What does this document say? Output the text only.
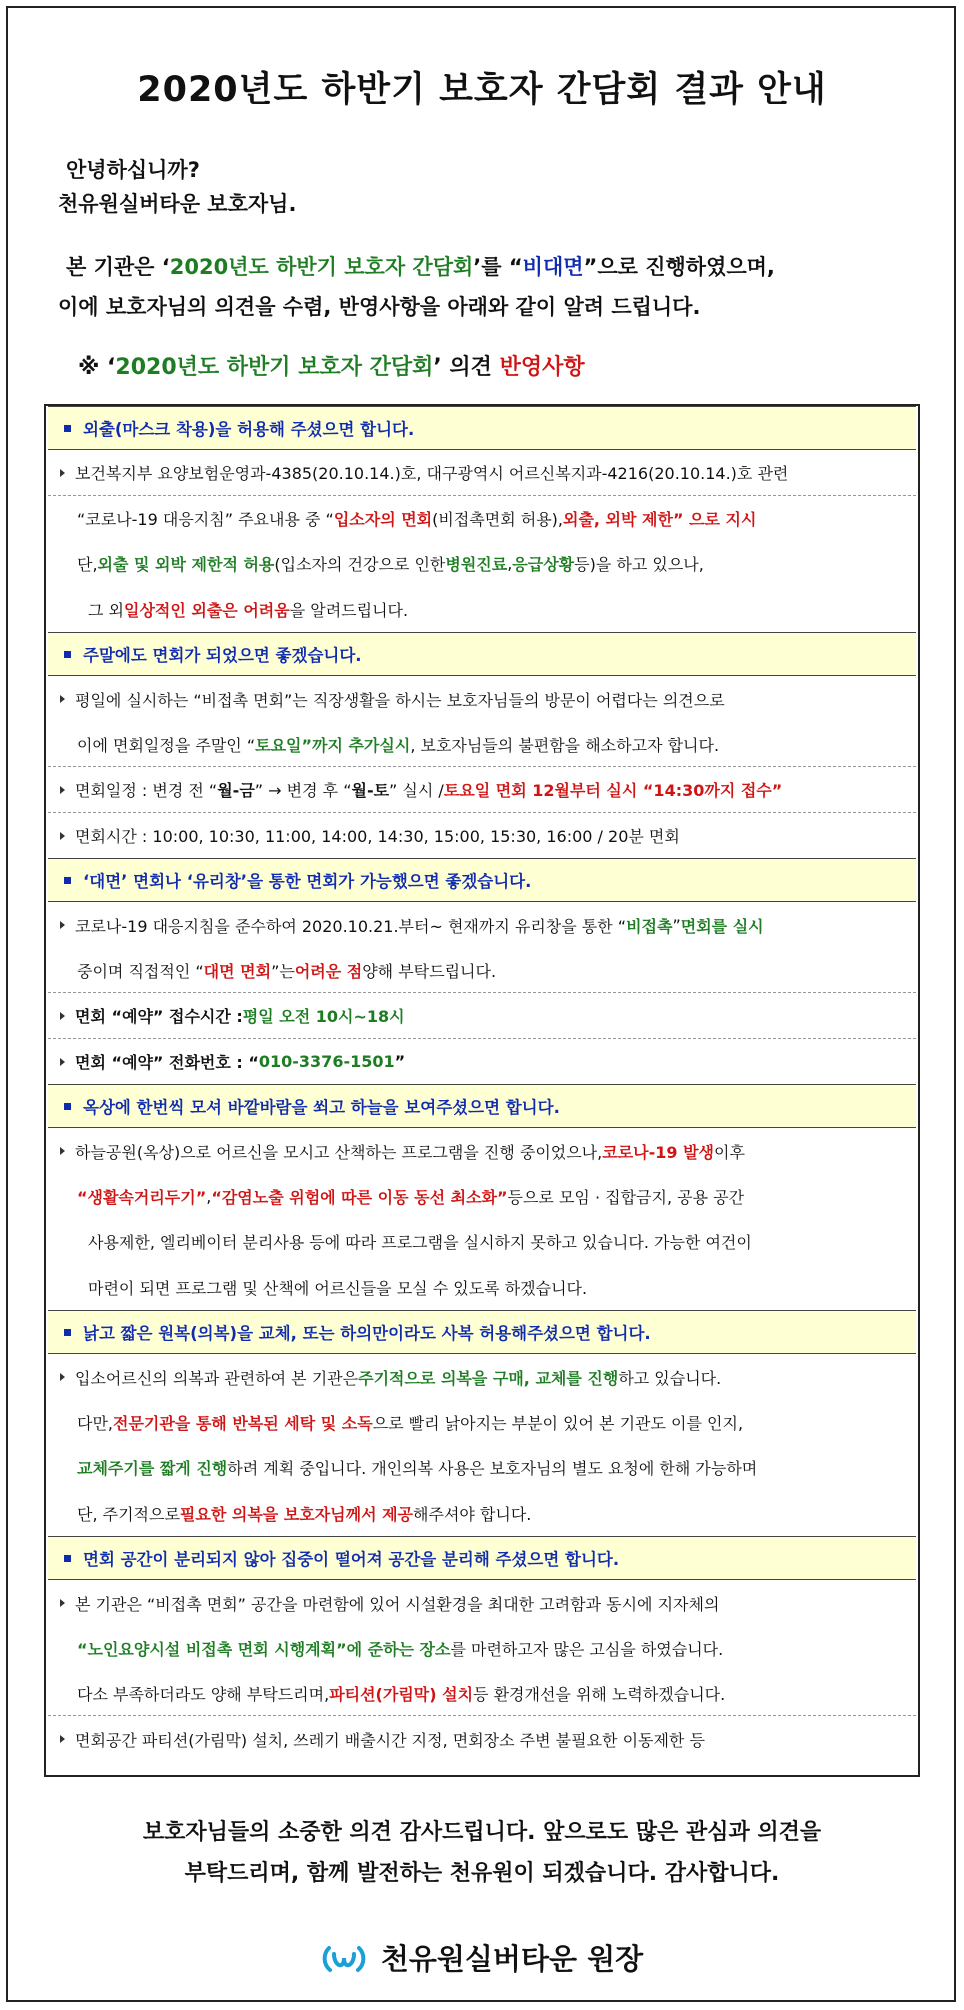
2020년도 하반기 보호자 간담회 결과 안내
안녕하십니까?
천유원실버타운 보호자님.
본 기관은 ‘2020년도 하반기 보호자 간담회’를 “비대면”으로 진행하였으며,
이에 보호자님의 의견을 수렴, 반영사항을 아래와 같이 알려 드립니다.
※ ‘2020년도 하반기 보호자 간담회’ 의견 반영사항
외출(마스크 착용)을 허용해 주셨으면 합니다.
보건복지부 요양보험운영과-4385(20.10.14.)호, 대구광역시 어르신복지과-4216(20.10.14.)호 관련
“코로나-19 대응지침” 주요내용 중 “ 입소자의 면회 (비접촉면회 허용), 외출, 외박 제한” 으로 지시
단, 외출 및 외박 제한적 허용 (입소자의 건강으로 인한 병원진료 , 응급상황 등)을 하고 있으나,
그 외 일상적인 외출은 어려움 을 알려드립니다.
주말에도 면회가 되었으면 좋겠습니다.
평일에 실시하는 “비접촉 면회”는 직장생활을 하시는 보호자님들의 방문이 어렵다는 의견으로
이에 면회일정을 주말인 “ 토요일”까지 추가실시 , 보호자님들의 불편함을 해소하고자 합니다.
면회일정 : 변경 전 “ 월-금 ” → 변경 후 “ 월-토 ” 실시 / 토요일 면회 12월부터 실시 “14:30까지 접수”
면회시간 : 10:00, 10:30, 11:00, 14:00, 14:30, 15:00, 15:30, 16:00 / 20분 면회
‘대면’ 면회나 ‘유리창’을 통한 면회가 가능했으면 좋겠습니다.
코로나-19 대응지침을 준수하여 2020.10.21.부터~ 현재까지 유리창을 통한 “ 비접촉 ” 면회를 실시
중이며 직접적인 “ 대면 면회 ”는 어려운 점 양해 부탁드립니다.
면회 “예약” 접수시간 : 평일 오전 10시~18시
면회 “예약” 전화번호 : “ 010-3376-1501 ”
옥상에 한번씩 모셔 바깥바람을 쐬고 하늘을 보여주셨으면 합니다.
하늘공원(옥상)으로 어르신을 모시고 산책하는 프로그램을 진행 중이었으나, 코로나-19 발생 이후
“생활속거리두기” , “감염노출 위험에 따른 이동 동선 최소화” 등으로 모임 · 집합금지, 공용 공간
사용제한, 엘리베이터 분리사용 등에 따라 프로그램을 실시하지 못하고 있습니다. 가능한 여건이
마련이 되면 프로그램 및 산책에 어르신들을 모실 수 있도록 하겠습니다.
낡고 짧은 원복(의복)을 교체, 또는 하의만이라도 사복 허용해주셨으면 합니다.
입소어르신의 의복과 관련하여 본 기관은 주기적으로 의복을 구매, 교체를 진행 하고 있습니다.
다만, 전문기관을 통해 반복된 세탁 및 소독 으로 빨리 낡아지는 부분이 있어 본 기관도 이를 인지,
교체주기를 짧게 진행 하려 계획 중입니다. 개인의복 사용은 보호자님의 별도 요청에 한해 가능하며
단, 주기적으로 필요한 의복을 보호자님께서 제공 해주셔야 합니다.
면회 공간이 분리되지 않아 집중이 떨어져 공간을 분리해 주셨으면 합니다.
본 기관은 “비접촉 면회” 공간을 마련함에 있어 시설환경을 최대한 고려함과 동시에 지자체의
“노인요양시설 비접촉 면회 시행계획”에 준하는 장소 를 마련하고자 많은 고심을 하였습니다.
다소 부족하더라도 양해 부탁드리며, 파티션(가림막) 설치 등 환경개선을 위해 노력하겠습니다.
면회공간 파티션(가림막) 설치, 쓰레기 배출시간 지정, 면회장소 주변 불필요한 이동제한 등
보호자님들의 소중한 의견 감사드립니다. 앞으로도 많은 관심과 의견을
부탁드리며, 함께 발전하는 천유원이 되겠습니다. 감사합니다.
천유원실버타운 원장
